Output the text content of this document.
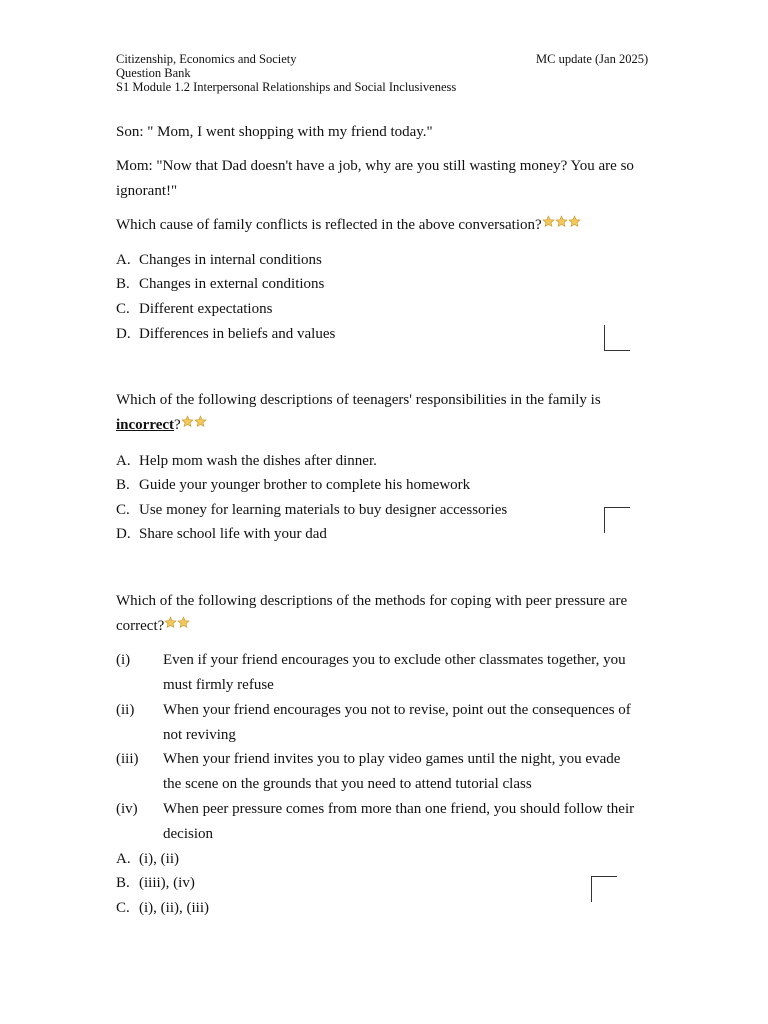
Citizenship, Economics and Society
Question Bank
S1 Module 1.2 Interpersonal Relationships and Social Inclusiveness
MC update (Jan 2025)
Son: " Mom, I went shopping with my friend today."
Mom: "Now that Dad doesn't have a job, why are you still wasting money? You are so
ignorant!"
Which cause of family conflicts is reflected in the above conversation?
A. Changes in internal conditions
B. Changes in external conditions
C. Different expectations
D. Differences in beliefs and values
Which of the following descriptions of teenagers' responsibilities in the family is
incorrect?
A. Help mom wash the dishes after dinner.
B. Guide your younger brother to complete his homework
C. Use money for learning materials to buy designer accessories
D. Share school life with your dad
Which of the following descriptions of the methods for coping with peer pressure are
correct?
(i) Even if your friend encourages you to exclude other classmates together, you
must firmly refuse
(ii) When your friend encourages you not to revise, point out the consequences of
not reviving
(iii) When your friend invites you to play video games until the night, you evade
the scene on the grounds that you need to attend tutorial class
(iv) When peer pressure comes from more than one friend, you should follow their
decision
A. (i), (ii)
B. (iiii), (iv)
C. (i), (ii), (iii)
